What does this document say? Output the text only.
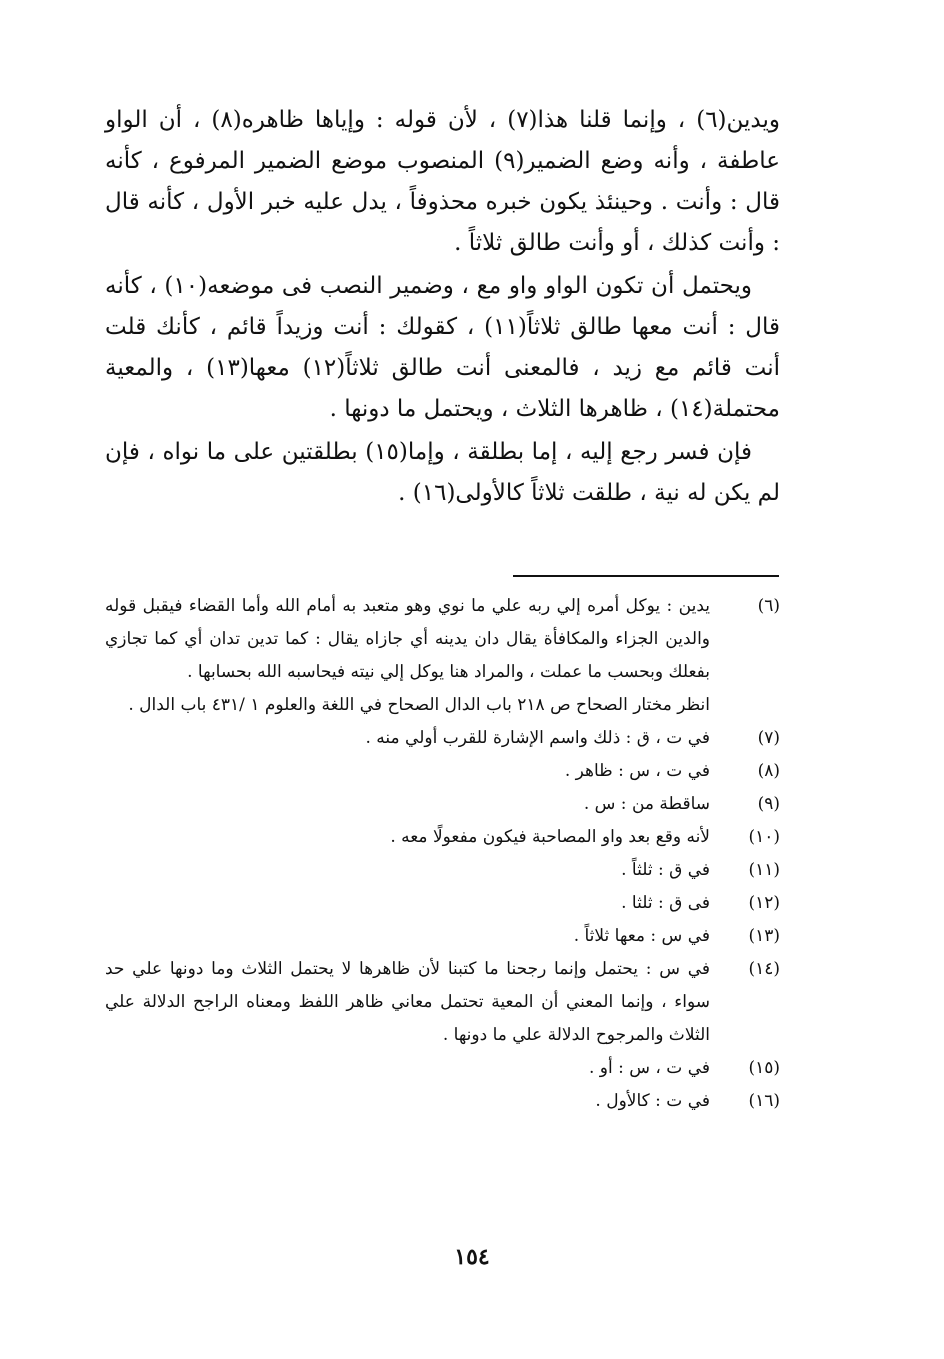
ويدين(٦) ، وإنما قلنا هذا(٧) ، لأن قوله : وإياها ظاهره(٨) ، أن الواو عاطفة ، وأنه وضع الضمير(٩) المنصوب موضع الضمير المرفوع ، كأنه قال : وأنت . وحينئذ يكون خبره محذوفاً ، يدل عليه خبر الأول ، كأنه قال : وأنت كذلك ، أو وأنت طالق ثلاثاً .

ويحتمل أن تكون الواو واو مع ، وضمير النصب فى موضعه(١٠) ، كأنه قال : أنت معها طالق ثلاثاً(١١) ، كقولك : أنت وزيداً قائم ، كأنك قلت أنت قائم مع زيد ، فالمعنى أنت طالق ثلاثاً(١٢) معها(١٣) ، والمعية محتملة(١٤) ، ظاهرها الثلاث ، ويحتمل ما دونها .

فإن فسر رجع إليه ، إما بطلقة ، وإما(١٥) بطلقتين على ما نواه ، فإن لم يكن له نية ، طلقت ثلاثاً كالأولى(١٦) .

(٦)
يدين : يوكل أمره إلي ربه علي ما نوي وهو متعبد به أمام الله وأما القضاء فيقبل قوله والدين الجزاء والمكافأة يقال دان يدينه أي جازاه يقال : كما تدين تدان أي كما تجازي بفعلك وبحسب ما عملت ، والمراد هنا يوكل إلي نيته فيحاسبه الله بحسابها .
انظر مختار الصحاح ص ٢١٨ باب الدال الصحاح في اللغة والعلوم ١ /٤٣١ باب الدال .
(٧)
في ت ، ق : ذلك واسم الإشارة للقرب أولي منه .
(٨)
في ت ، س : ظاهر .
(٩)
ساقطة من : س .
(١٠)
لأنه وقع بعد واو المصاحبة فيكون مفعولًا معه .
(١١)
في ق : ثلثاً .
(١٢)
فى ق : ثلثا .
(١٣)
في س : معها ثلاثاً .
(١٤)
في س : يحتمل وإنما رجحنا ما كتبنا لأن ظاهرها لا يحتمل الثلاث وما دونها علي حد سواء ، وإنما المعني أن المعية تحتمل معاني ظاهر اللفظ ومعناه الراجح الدلالة علي الثلاث والمرجوح الدلالة علي ما دونها .
(١٥)
في ت ، س : أو .
(١٦)
في ت : كالأول .
١٥٤
